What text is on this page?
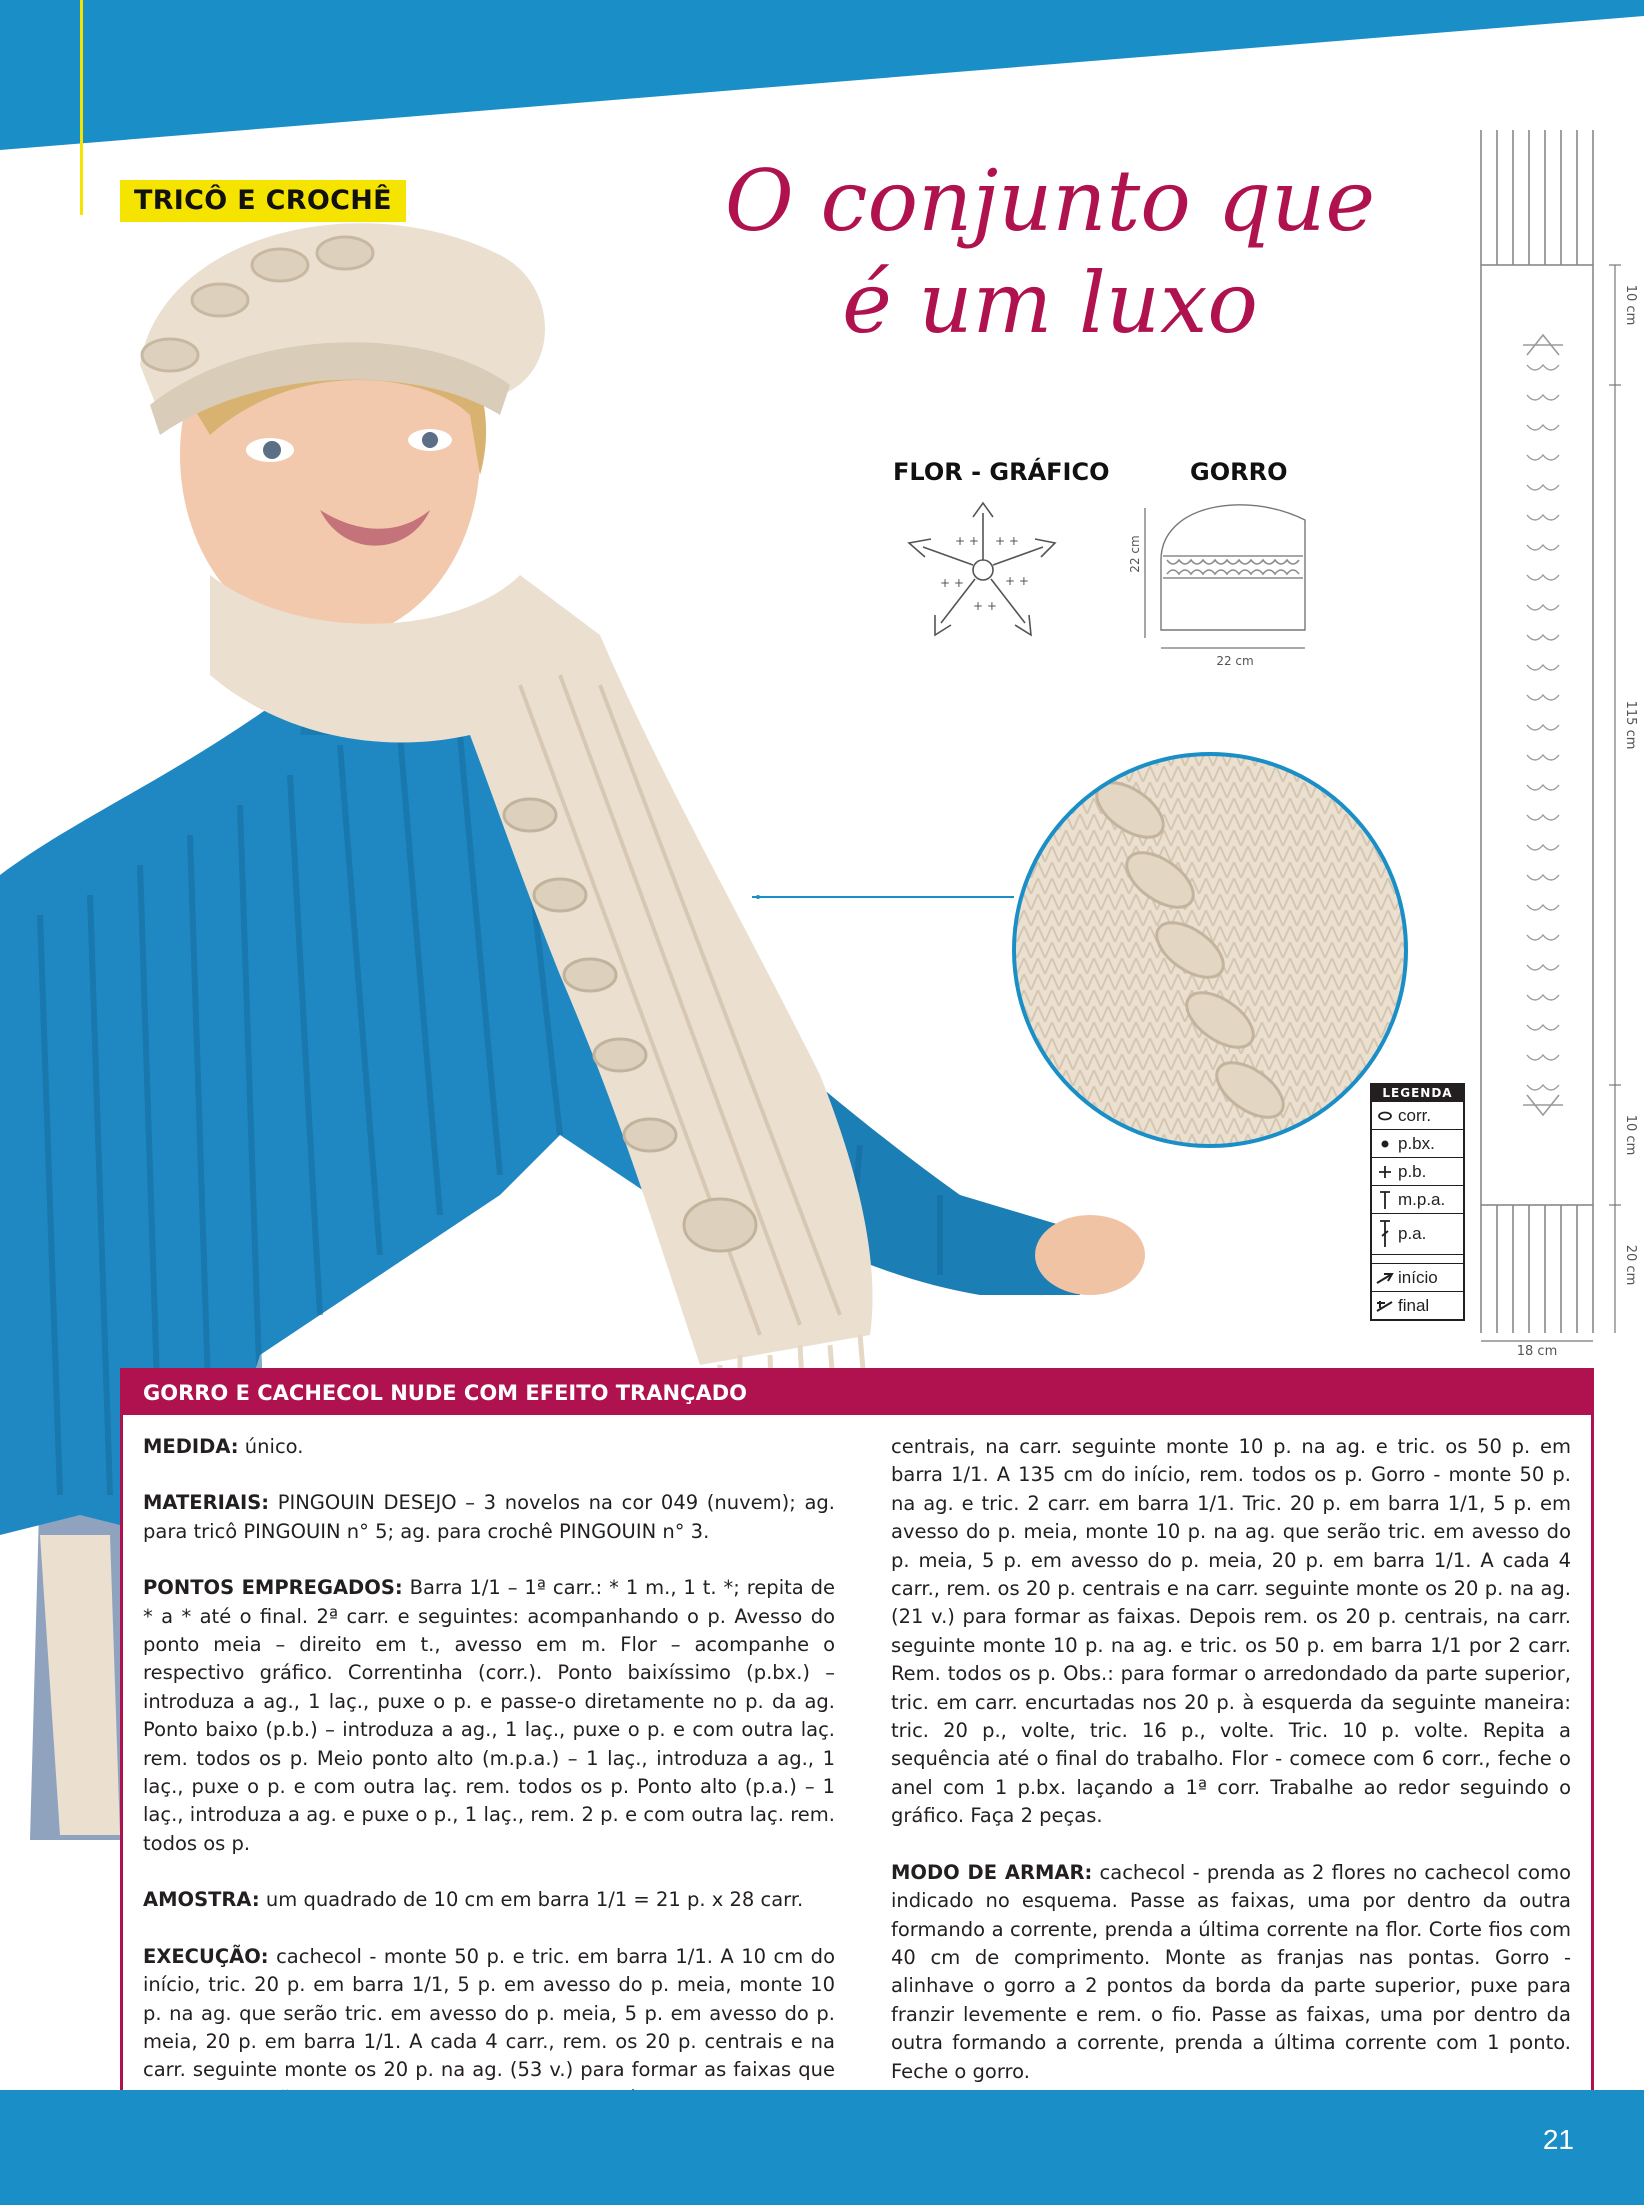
TRICÔ E CROCHÊ	O conjunto que
é um luxo
+ + + +
+ +
+ +
+ +
FLOR - GRÁFICO	GORRO
22 cm
22 cm
10 cm
115 cm
10 cm
20 cm
18 cm
LEGENDA
corr.
p.bx.
p.b.
m.p.a.
p.a.
início
final
GORRO E CACHECOL NUDE COM EFEITO TRANÇADO

MEDIDA: único.

MATERIAIS: PINGOUIN DESEJO – 3 novelos na cor 049 (nuvem); ag. para tricô PINGOUIN n° 5; ag. para crochê PINGOUIN n° 3.

PONTOS EMPREGADOS: Barra 1/1 – 1ª carr.: * 1 m., 1 t. *; repita de * a * até o final. 2ª carr. e seguintes: acompanhando o p. Avesso do ponto meia – direito em t., avesso em m. Flor – acompanhe o respectivo gráfico. Correntinha (corr.). Ponto baixíssimo (p.bx.) – introduza a ag., 1 laç., puxe o p. e passe-o diretamente no p. da ag. Ponto baixo (p.b.) – introduza a ag., 1 laç., puxe o p. e com outra laç. rem. todos os p. Meio ponto alto (m.p.a.) – 1 laç., introduza a ag., 1 laç., puxe o p. e com outra laç. rem. todos os p. Ponto alto (p.a.) – 1 laç., introduza a ag. e puxe o p., 1 laç., rem. 2 p. e com outra laç. rem. todos os p.

AMOSTRA: um quadrado de 10 cm em barra 1/1 = 21 p. x 28 carr.

EXECUÇÃO: cachecol - monte 50 p. e tric. em barra 1/1. A 10 cm do início, tric. 20 p. em barra 1/1, 5 p. em avesso do p. meia, monte 10 p. na ag. que serão tric. em avesso do p. meia, 5 p. em avesso do p. meia, 20 p. em barra 1/1. A cada 4 carr., rem. os 20 p. centrais e na carr. seguinte monte os 20 p. na ag. (53 v.) para formar as faixas que

centrais, na carr. seguinte monte 10 p. na ag. e tric. os 50 p. em barra 1/1. A 135 cm do início, rem. todos os p. Gorro - monte 50 p. na ag. e tric. 2 carr. em barra 1/1. Tric. 20 p. em barra 1/1, 5 p. em avesso do p. meia, monte 10 p. na ag. que serão tric. em avesso do p. meia, 5 p. em avesso do p. meia, 20 p. em barra 1/1. A cada 4 carr., rem. os 20 p. centrais e na carr. seguinte monte os 20 p. na ag. (21 v.) para formar as faixas. Depois rem. os 20 p. centrais, na carr. seguinte monte 10 p. na ag. e tric. os 50 p. em barra 1/1 por 2 carr. Rem. todos os p. Obs.: para formar o arredondado da parte superior, tric. em carr. encurtadas nos 20 p. à esquerda da seguinte maneira: tric. 20 p., volte, tric. 16 p., volte. Tric. 10 p. volte. Repita a sequência até o final do trabalho. Flor - comece com 6 corr., feche o anel com 1 p.bx. laçando a 1ª corr. Trabalhe ao redor seguindo o gráfico. Faça 2 peças.

MODO DE ARMAR: cachecol - prenda as 2 flores no cachecol como indicado no esquema. Passe as faixas, uma por dentro da outra formando a corrente, prenda a última corrente na flor. Corte fios com 40 cm de comprimento. Monte as franjas nas pontas. Gorro - alinhave o gorro a 2 pontos da borda da parte superior, puxe para franzir levemente e rem. o fio. Passe as faixas, uma por dentro da outra formando a corrente, prenda a última corrente com 1 ponto. Feche o gorro.

21
